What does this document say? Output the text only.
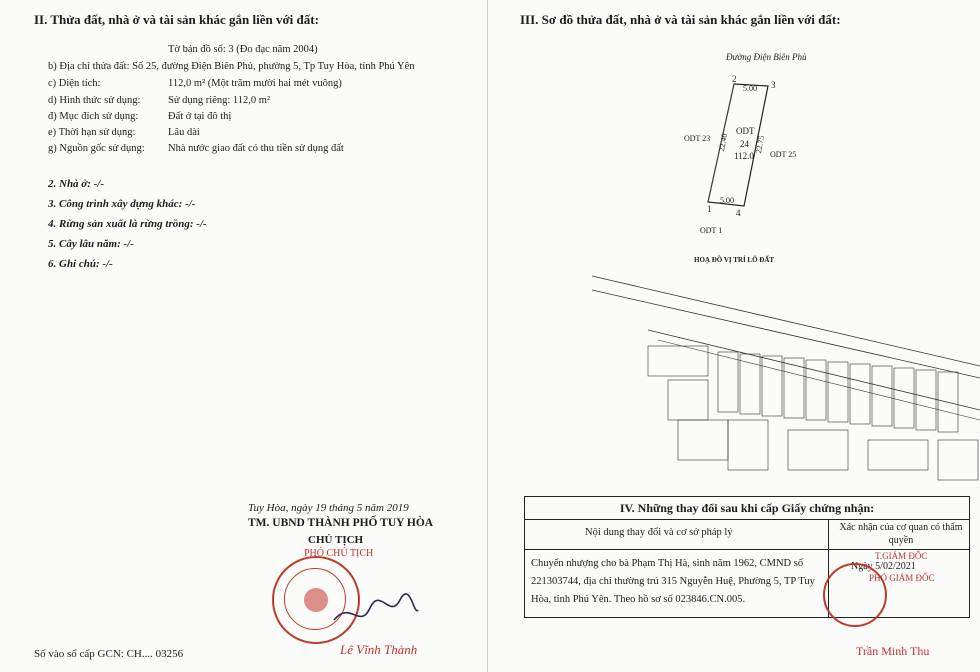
II. Thửa đất, nhà ở và tài sản khác gắn liền với đất:
Tờ bản đồ số: 3 (Đo đạc năm 2004)
b) Địa chỉ thửa đất: Số 25, đường Điện Biên Phủ, phường 5, Tp Tuy Hòa, tỉnh Phú Yên
c) Diện tích:	112,0 m² (Một trăm mười hai mét vuông)
d) Hình thức sử dụng:	Sử dụng riêng: 112,0 m²
đ) Mục đích sử dụng:	Đất ở tại đô thị
e) Thời hạn sử dụng:	Lâu dài
g) Nguồn gốc sử dụng: Nhà nước giao đất có thu tiền sử dụng đất
2. Nhà ở: -/-
3. Công trình xây dựng khác: -/-
4. Rừng sản xuất là rừng trồng: -/-
5. Cây lâu năm: -/-
6. Ghi chú: -/-
Tuy Hòa, ngày 19 tháng 5 năm 2019
TM. UBND THÀNH PHỐ TUY HÒA
CHỦ TỊCH
PHÓ CHỦ TỊCH
Lê Vĩnh Thành
Số vào sổ cấp GCN: CH.... 03256
III. Sơ đồ thửa đất, nhà ở và tài sản khác gắn liền với đất:
Đường Điện Biên Phủ
2
3
1	4
5.00
5.00
22.40	22.75
ODT
24
112.0
ODT 23
ODT 25
ODT 1
HOẠ ĐỒ VỊ TRÍ LÔ ĐẤT
IV. Những thay đổi sau khi cấp Giấy chứng nhận:
Nội dung thay đổi và cơ sở pháp lý	Xác nhận của cơ quan có thẩm quyền
Chuyển nhượng cho bà Phạm Thị Hà, sinh năm 1962, CMND số 221303744, địa chỉ thường trú 315 Nguyễn Huệ, Phường 5, TP Tuy Hòa, tỉnh Phú Yên. Theo hồ sơ số 023846.CN.005.
T.GIÁM ĐỐC
Ngày 5/02/2021
PHÓ GIÁM ĐỐC
Trần Minh Thu
